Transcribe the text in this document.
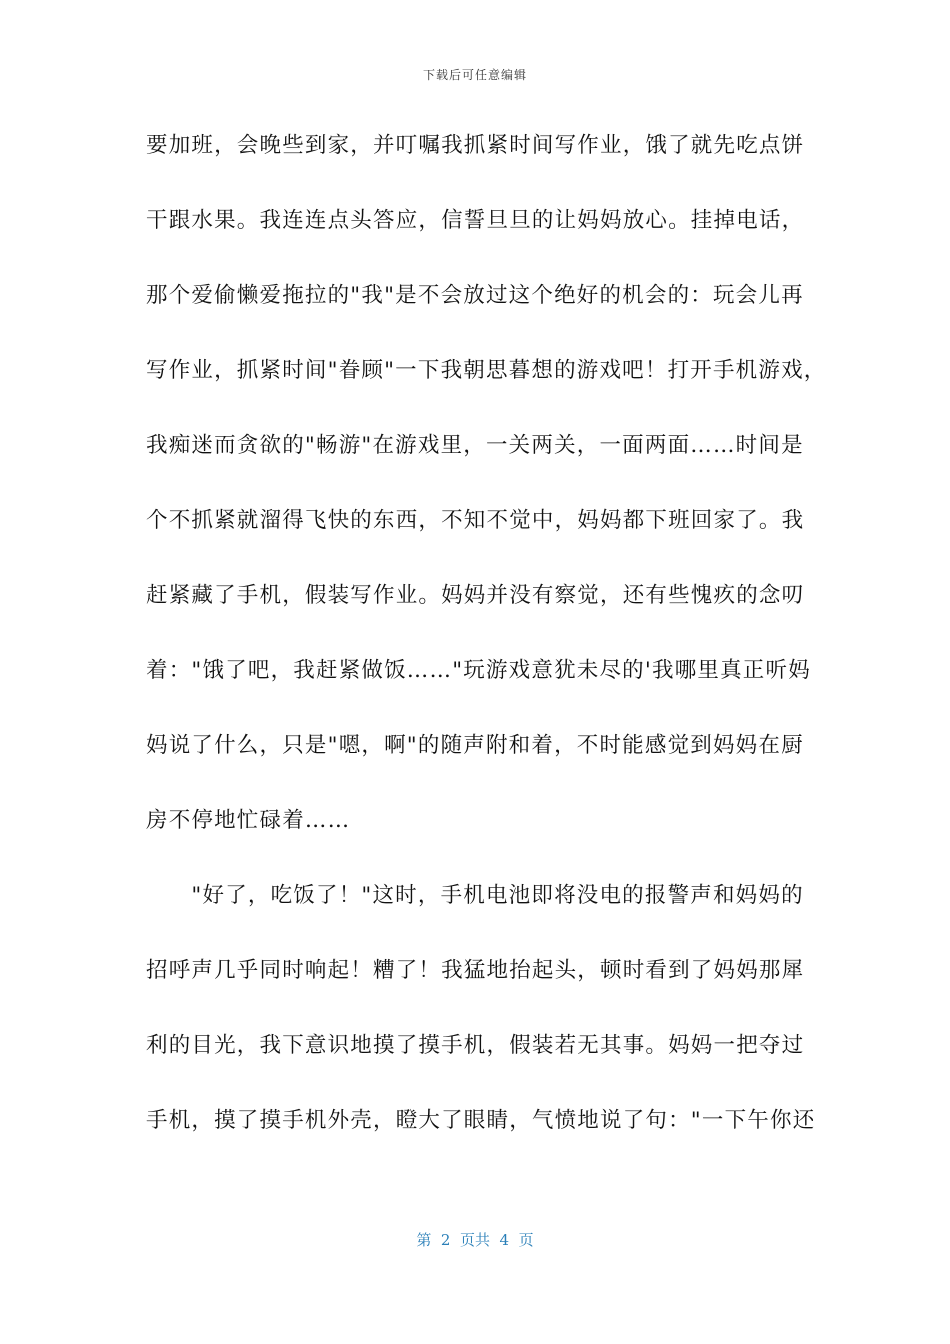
下载后可任意编辑
要加班，会晚些到家，并叮嘱我抓紧时间写作业，饿了就先吃点饼
干跟水果。我连连点头答应，信誓旦旦的让妈妈放心。挂掉电话，
那个爱偷懒爱拖拉的"我"是不会放过这个绝好的机会的：玩会儿再
写作业，抓紧时间"眷顾"一下我朝思暮想的游戏吧！打开手机游戏，
我痴迷而贪欲的"畅游"在游戏里，一关两关，一面两面……时间是
个不抓紧就溜得飞快的东西，不知不觉中，妈妈都下班回家了。我
赶紧藏了手机，假装写作业。妈妈并没有察觉，还有些愧疚的念叨
着："饿了吧，我赶紧做饭……"玩游戏意犹未尽的'我哪里真正听妈
妈说了什么，只是"嗯，啊"的随声附和着，不时能感觉到妈妈在厨
房不停地忙碌着……
　　"好了，吃饭了！"这时，手机电池即将没电的报警声和妈妈的
招呼声几乎同时响起！糟了！我猛地抬起头，顿时看到了妈妈那犀
利的目光，我下意识地摸了摸手机，假装若无其事。妈妈一把夺过
手机，摸了摸手机外壳，瞪大了眼睛，气愤地说了句："一下午你还
第  2  页共  4  页
